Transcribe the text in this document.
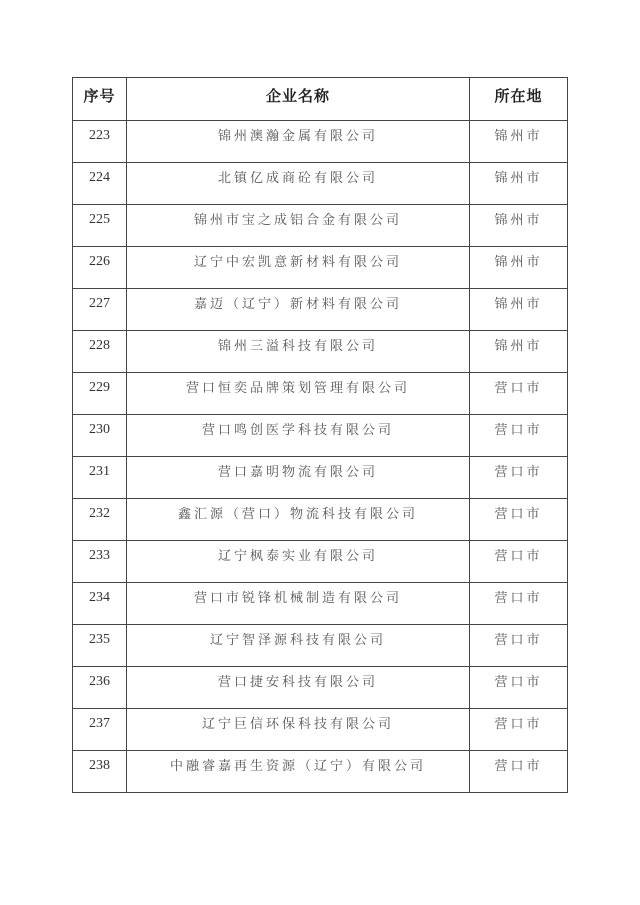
序号	企业名称	所在地
223	锦州澳瀚金属有限公司	锦州市
224	北镇亿成商砼有限公司	锦州市
225	锦州市宝之成铝合金有限公司	锦州市
226	辽宁中宏凯意新材料有限公司	锦州市
227	嘉迈（辽宁）新材料有限公司	锦州市
228	锦州三溢科技有限公司	锦州市
229	营口恒奕品牌策划管理有限公司	营口市
230	营口鸣创医学科技有限公司	营口市
231	营口嘉明物流有限公司	营口市
232	鑫汇源（营口）物流科技有限公司	营口市
233	辽宁枫泰实业有限公司	营口市
234	营口市锐锋机械制造有限公司	营口市
235	辽宁智泽源科技有限公司	营口市
236	营口捷安科技有限公司	营口市
237	辽宁巨信环保科技有限公司	营口市
238	中融睿嘉再生资源（辽宁）有限公司	营口市
